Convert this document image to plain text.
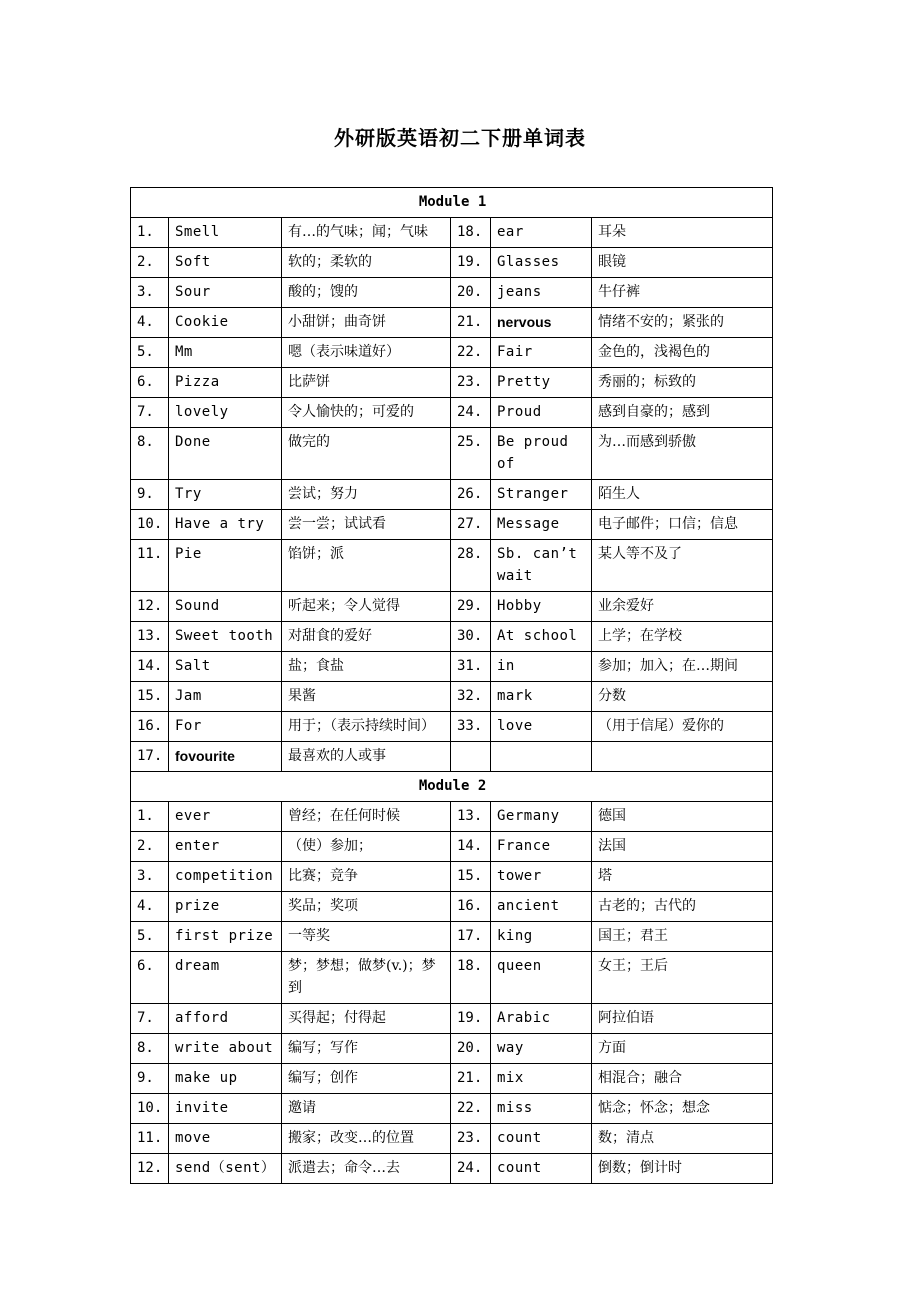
外研版英语初二下册单词表
Module 1					
1.	Smell	有…的气味；闻；气味	18.	ear	耳朵
2.	Soft	软的；柔软的	19.	Glasses	眼镜
3.	Sour	酸的；馊的	20.	jeans	牛仔裤
4.	Cookie	小甜饼；曲奇饼	21.	nervous	情绪不安的；紧张的
5.	Mm	嗯（表示味道好）	22.	Fair	金色的，浅褐色的
6.	Pizza	比萨饼	23.	Pretty	秀丽的；标致的
7.	lovely	令人愉快的；可爱的	24.	Proud	感到自豪的；感到
8.	Done	做完的	25.	Be proud of	为…而感到骄傲
9.	Try	尝试；努力	26.	Stranger	陌生人
10.	Have a try	尝一尝；试试看	27.	Message	电子邮件；口信；信息
11.	Pie	馅饼；派	28.	Sb. can’t wait	某人等不及了
12.	Sound	听起来；令人觉得	29.	Hobby	业余爱好
13.	Sweet tooth	对甜食的爱好	30.	At school	上学；在学校
14.	Salt	盐；食盐	31.	in	参加；加入；在…期间
15.	Jam	果酱	32.	mark	分数
16.	For	用于；（表示持续时间）	33.	love	（用于信尾）爱你的
17.	fovourite	最喜欢的人或事			
Module 2					
1.	ever	曾经；在任何时候	13.	Germany	德国
2.	enter	（使）参加；	14.	France	法国
3.	competition	比赛；竞争	15.	tower	塔
4.	prize	奖品；奖项	16.	ancient	古老的；古代的
5.	first prize	一等奖	17.	king	国王；君王
6.	dream	梦；梦想；做梦(v.)；梦到	18.	queen	女王；王后
7.	afford	买得起；付得起	19.	Arabic	阿拉伯语
8.	write about	编写；写作	20.	way	方面
9.	make up	编写；创作	21.	mix	相混合；融合
10.	invite	邀请	22.	miss	惦念；怀念；想念
11.	move	搬家；改变…的位置	23.	count	数；清点
12.	send（sent）	派遣去；命令…去	24.	count	倒数；倒计时
